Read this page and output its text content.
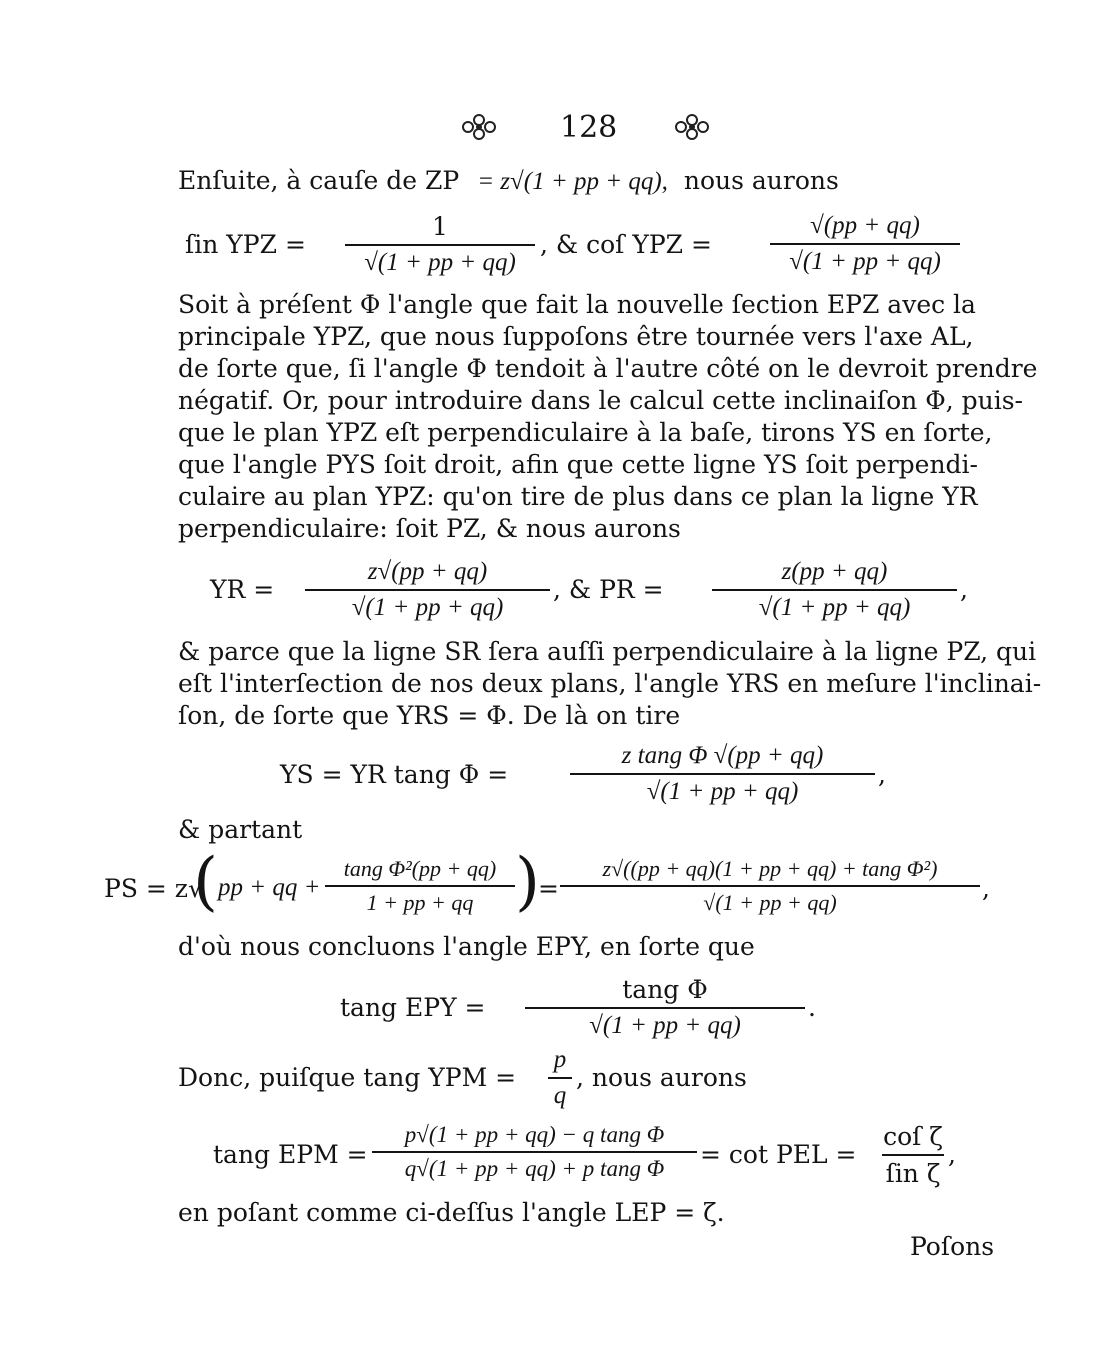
128
Enſuite, à cauſe de ZP = z√(1 + pp + qq), nous aurons
ſin YPZ =
1
√(1 + pp + qq)
, & coſ YPZ =
√(pp + qq)
√(1 + pp + qq)
Soit à préſent Φ l'angle que fait la nouvelle ſection EPZ avec la
principale YPZ, que nous ſuppoſons être tournée vers l'axe AL,
de ſorte que, ſi l'angle Φ tendoit à l'autre côté on le devroit prendre
négatif. Or, pour introduire dans le calcul cette inclinaiſon Φ, puis-
que le plan YPZ eſt perpendiculaire à la baſe, tirons YS en ſorte,
que l'angle PYS ſoit droit, afin que cette ligne YS ſoit perpendi-
culaire au plan YPZ: qu'on tire de plus dans ce plan la ligne YR
perpendiculaire: ſoit PZ, & nous aurons
YR =
z√(pp + qq)
√(1 + pp + qq)
, & PR =
z(pp + qq)
√(1 + pp + qq)
,
& parce que la ligne SR ſera auſſi perpendiculaire à la ligne PZ, qui
eſt l'interſection de nos deux plans, l'angle YRS en meſure l'inclinai-
ſon, de ſorte que YRS = Φ. De là on tire
YS = YR tang Φ =
z tang Φ √(pp + qq)
√(1 + pp + qq)
,
& partant
PS = z√
( pp + qq +
tang Φ²(pp + qq)
1 + pp + qq )
=
z√((pp + qq)(1 + pp + qq) + tang Φ²)
√(1 + pp + qq)	,
d'où nous concluons l'angle EPY, en ſorte que
tang EPY =
tang Φ
√(1 + pp + qq)
.
Donc, puiſque tang YPM =
p
q
, nous aurons
tang EPM =
p√(1 + pp + qq) − q tang Φ
q√(1 + pp + qq) + p tang Φ	= cot PEL =
coſ ζ
ſin ζ
,
en poſant comme ci-deſſus l'angle LEP = ζ.
Poſons
